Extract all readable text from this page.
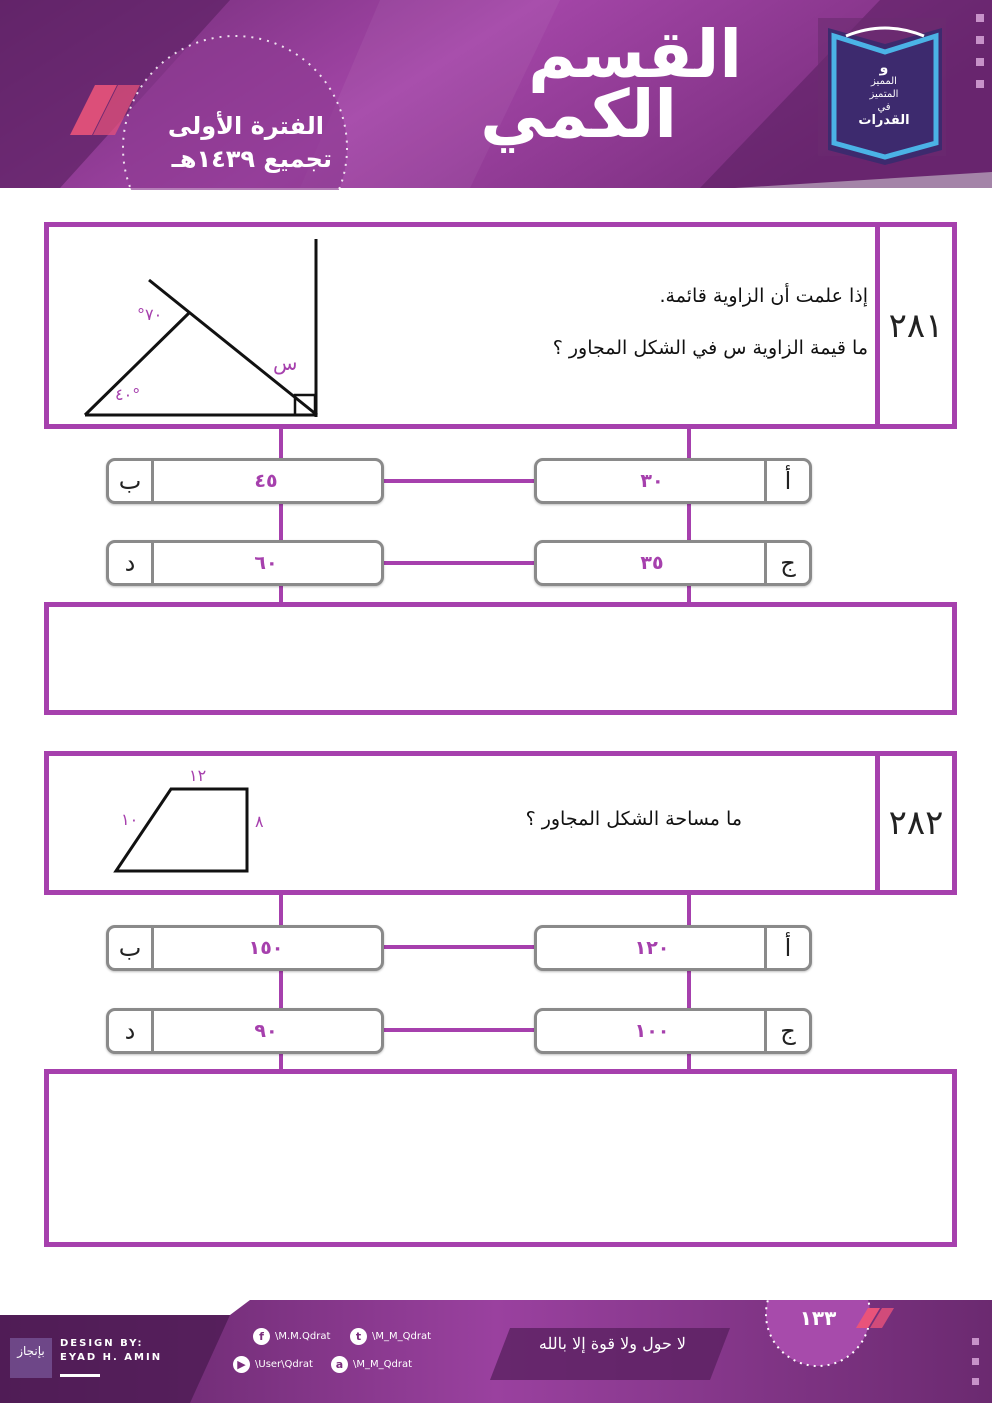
القسم
الكمي
الفترة الأولى
تجميع ١٤٣٩هـ
و
المميز
المتميز
في
القدرات
٢٨١
إذا علمت أن الزاوية قائمة.
ما قيمة الزاوية س في الشكل المجاور ؟
°٧٠
٤٠°
س
أ
٣٠
ب	٤٥
ج
٣٥
د	٦٠
٢٨٢
ما مساحة الشكل المجاور ؟
١٢
١٠	٨
أ
١٢٠
ب	١٥٠
ج
١٠٠
د	٩٠
بإنجاز
DESIGN BY:
EYAD H. AMIN
f	\M.M.Qdrat	t	\M_M_Qdrat
▶ \User\Qdrat	a \M_M_Qdrat
لا حول ولا قوة إلا بالله
١٣٣
